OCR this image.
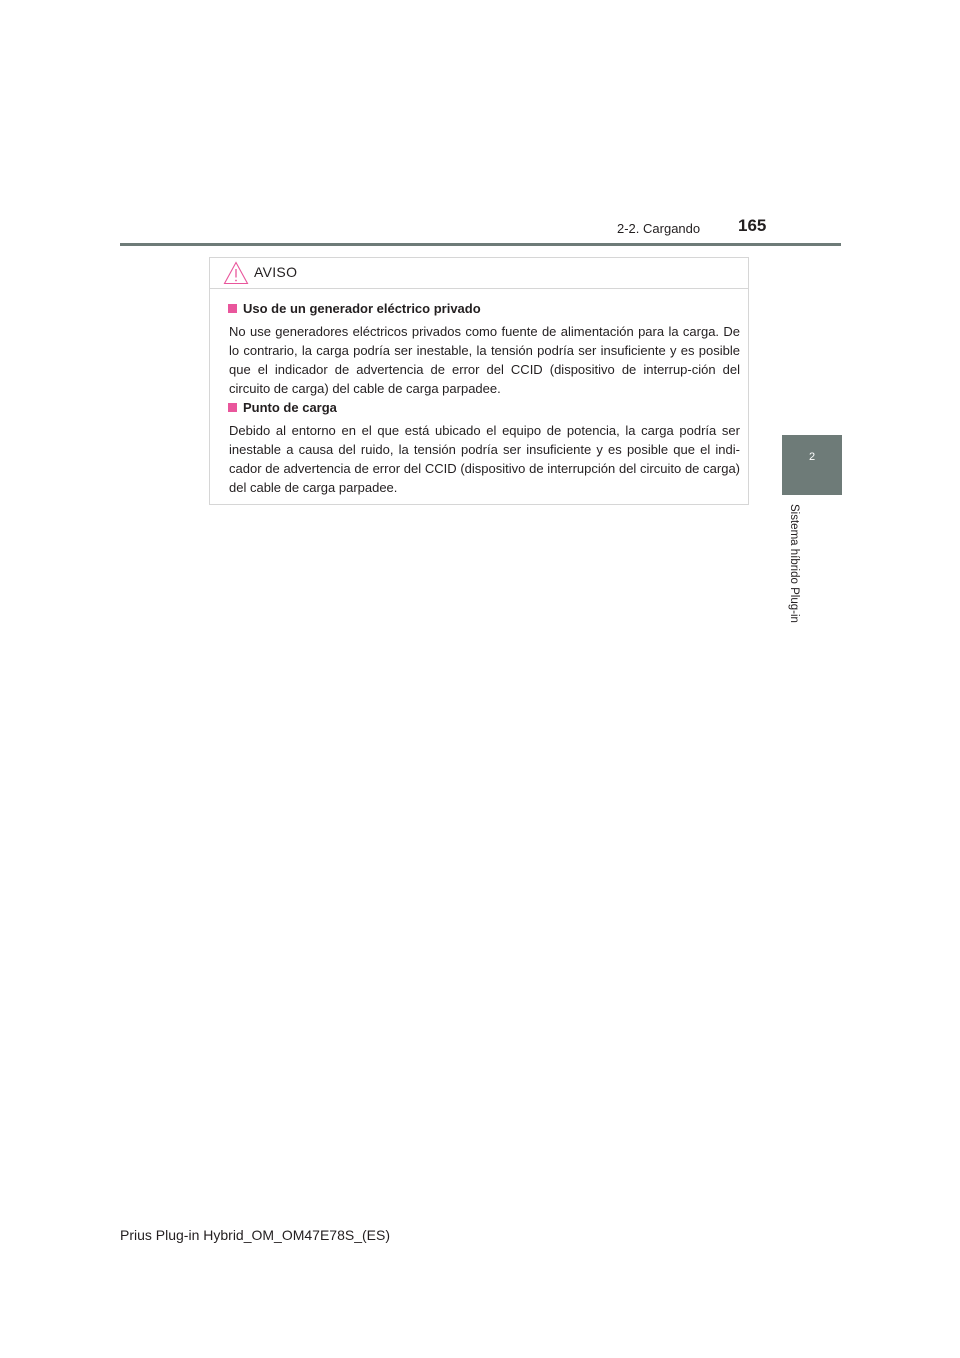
2-2. Cargando	165
2
Sistema híbrido Plug-in
AVISO
Uso de un generador eléctrico privado
No use generadores eléctricos privados como fuente de alimentación para la carga. De lo contrario, la carga podría ser inestable, la tensión podría ser insuficiente y es posible que el indicador de advertencia de error del CCID (dispositivo de interrup-ción del circuito de carga) del cable de carga parpadee.
Punto de carga
Debido al entorno en el que está ubicado el equipo de potencia, la carga podría ser inestable a causa del ruido, la tensión podría ser insuficiente y es posible que el indi-cador de advertencia de error del CCID (dispositivo de interrupción del circuito de carga) del cable de carga parpadee.
Prius Plug-in Hybrid_OM_OM47E78S_(ES)
